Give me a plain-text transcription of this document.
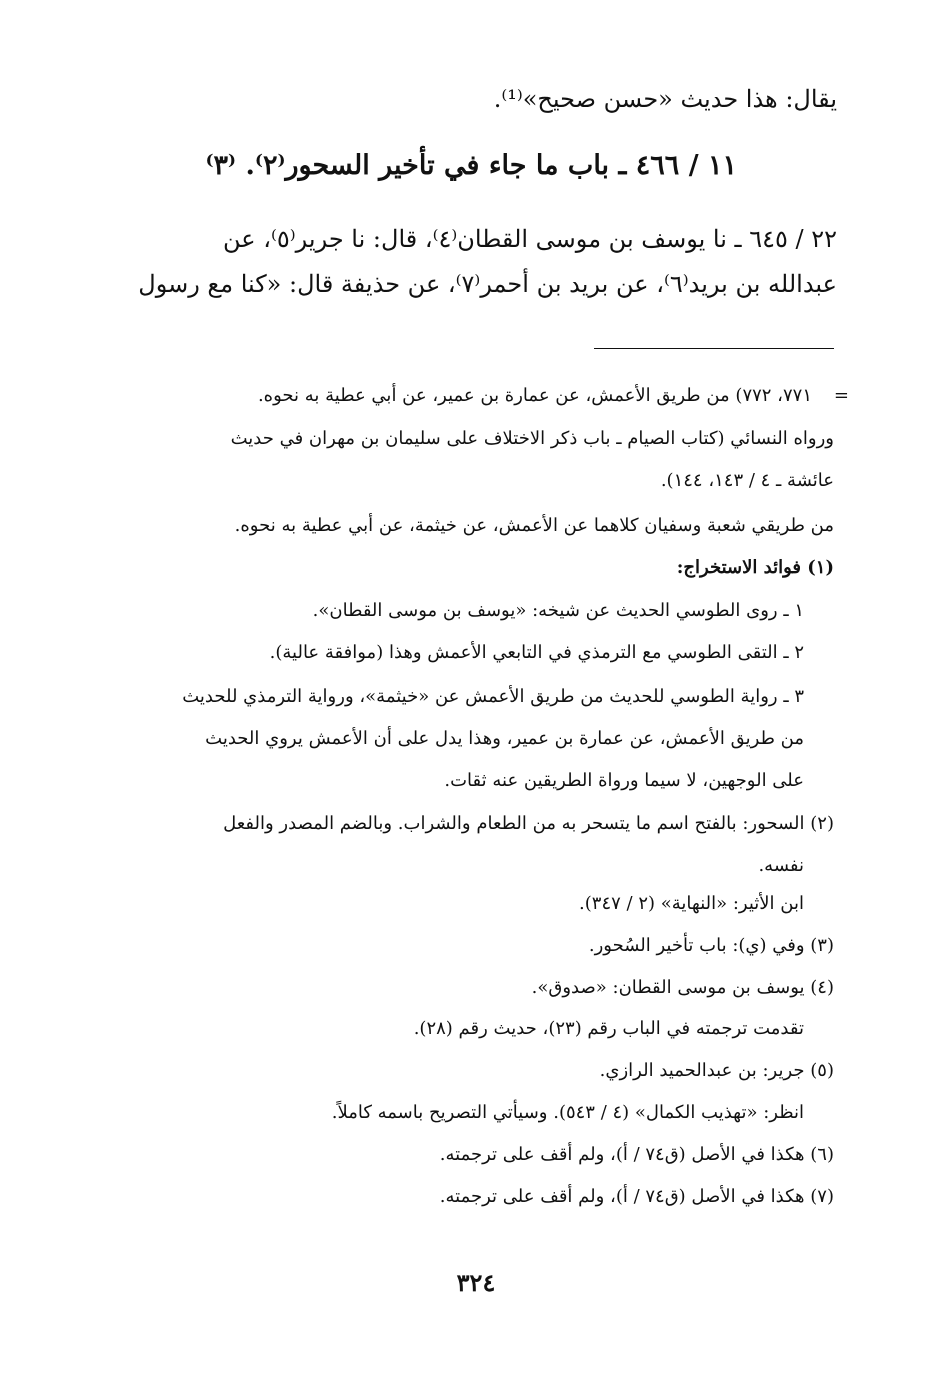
يقال: هذا حديث «حسن صحيح»⁽¹⁾.
١١ / ٤٦٦ ـ باب ما جاء في تأخير السحور⁽٢⁾. ⁽٣⁾
٢٢ / ٦٤٥ ـ نا يوسف بن موسى القطان⁽٤⁾، قال: نا جرير⁽٥⁾، عن
عبدالله بن بريد⁽٦⁾، عن بريد بن أحمر⁽٧⁾، عن حذيفة قال: «كنا مع رسول
=
٧٧١، ٧٧٢) من طريق الأعمش، عن عمارة بن عمير، عن أبي عطية به نحوه.
ورواه النسائي (كتاب الصيام ـ باب ذكر الاختلاف على سليمان بن مهران في حديث
عائشة ـ ٤ / ١٤٣، ١٤٤).
من طريقي شعبة وسفيان كلاهما عن الأعمش، عن خيثمة، عن أبي عطية به نحوه.
(١) فوائد الاستخراج:
١ ـ روى الطوسي الحديث عن شيخه: «يوسف بن موسى القطان».
٢ ـ التقى الطوسي مع الترمذي في التابعي الأعمش وهذا (موافقة عالية).
٣ ـ رواية الطوسي للحديث من طريق الأعمش عن «خيثمة»، ورواية الترمذي للحديث
من طريق الأعمش، عن عمارة بن عمير، وهذا يدل على أن الأعمش يروي الحديث
على الوجهين، لا سيما ورواة الطريقين عنه ثقات.
(٢) السحور: بالفتح اسم ما يتسحر به من الطعام والشراب. وبالضم المصدر والفعل
نفسه.
ابن الأثير: «النهاية» (٢ / ٣٤٧).
(٣) وفي (ي): باب تأخير السُحور.
(٤) يوسف بن موسى القطان: «صدوق».
تقدمت ترجمته في الباب رقم (٢٣)، حديث رقم (٢٨).
(٥) جرير: بن عبدالحميد الرازي.
انظر: «تهذيب الكمال» (٤ / ٥٤٣). وسيأتي التصريح باسمه كاملاً.
(٦) هكذا في الأصل (ق٧٤ / أ)، ولم أقف على ترجمته.
(٧) هكذا في الأصل (ق٧٤ / أ)، ولم أقف على ترجمته.
٣٢٤
